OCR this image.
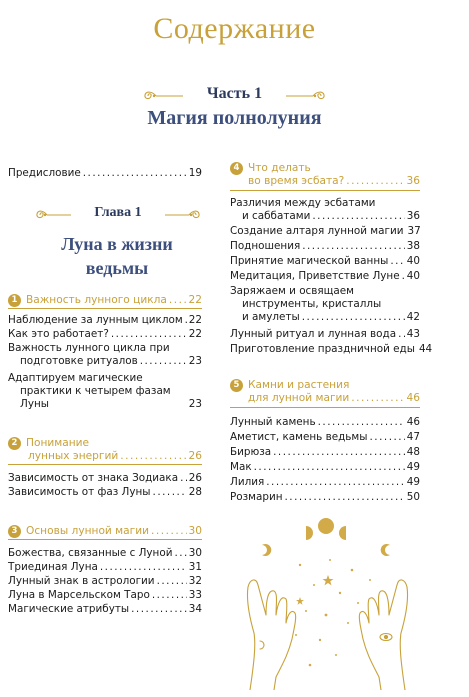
Содержание
Часть 1
Магия полнолуния
Предисловие .....	19
Глава 1
Луна в жизни
ведьмы
1 Важность лунного цикла ..... 22
Наблюдение за лунным циклом ..... 22
Как это работает? .....	22
Важность лунного цикла при
подготовке ритуалов .....	23
Адаптируем магические
практики к четырем фазам
Луны .....	23
2 Понимание
лунных энергий .....	26
Зависимость от знака Зодиака ..... 26
Зависимость от фаз Луны .....	28
3 Основы лунной магии .....	30
Божества, связанные с Луной ..... 30
Триединая Луна .....	31
Лунный знак в астрологии .....	32
Луна в Марсельском Таро .....	33
Магические атрибуты .....	34
4 Что делать
во время эсбата? .....	36
Различия между эсбатами
и саббатами .....	36
Создание алтаря лунной магии 37
Подношения .....	38
Принятие магической ванны ..... 40
Медитация, Приветствие Луне ..... 40
Заряжаем и освящаем
инструменты, кристаллы
и амулеты .....	42
Лунный ритуал и лунная вода ..... 43
Приготовление праздничной еды 44
5 Камни и растения
для лунной магии .....	46
Лунный камень .....	46
Аметист, камень ведьмы .....	47
Бирюза .....	48
Мак .....	49
Лилия .....	49
Розмарин .....	50
